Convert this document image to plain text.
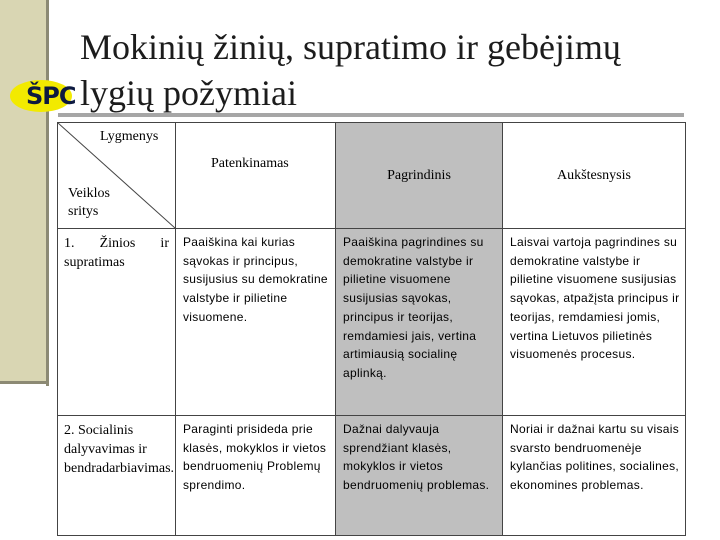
ŠPC
Mokinių žinių, supratimo ir gebėjimų lygių požymiai
Lygmenys
Veiklos
sritys	Patenkinamas	Pagrindinis	Aukštesnysis

1. Žinios ir
supratimas	Paaiškina kai kurias sąvokas ir principus, susijusius su demokratine valstybe ir pilietine visuomene.	Paaiškina pagrindines su demokratine valstybe ir pilietine visuomene susijusias sąvokas, principus ir teorijas, remdamiesi jais, vertina artimiausią socialinę aplinką.	Laisvai vartoja pagrindines su demokratine valstybe ir pilietine visuomene susijusias sąvokas, atpažįsta principus ir teorijas, remdamiesi jomis, vertina Lietuvos pilietinės visuomenės procesus.
2. Socialinis dalyvavimas ir bendradarbiavimas.	Paraginti prisideda prie klasės, mokyklos ir vietos bendruomenių Problemų sprendimo.	Dažnai dalyvauja sprendžiant klasės, mokyklos ir vietos bendruomenių problemas.	Noriai ir dažnai kartu su visais svarsto bendruomenėje kylančias politines, socialines, ekonomines problemas.
